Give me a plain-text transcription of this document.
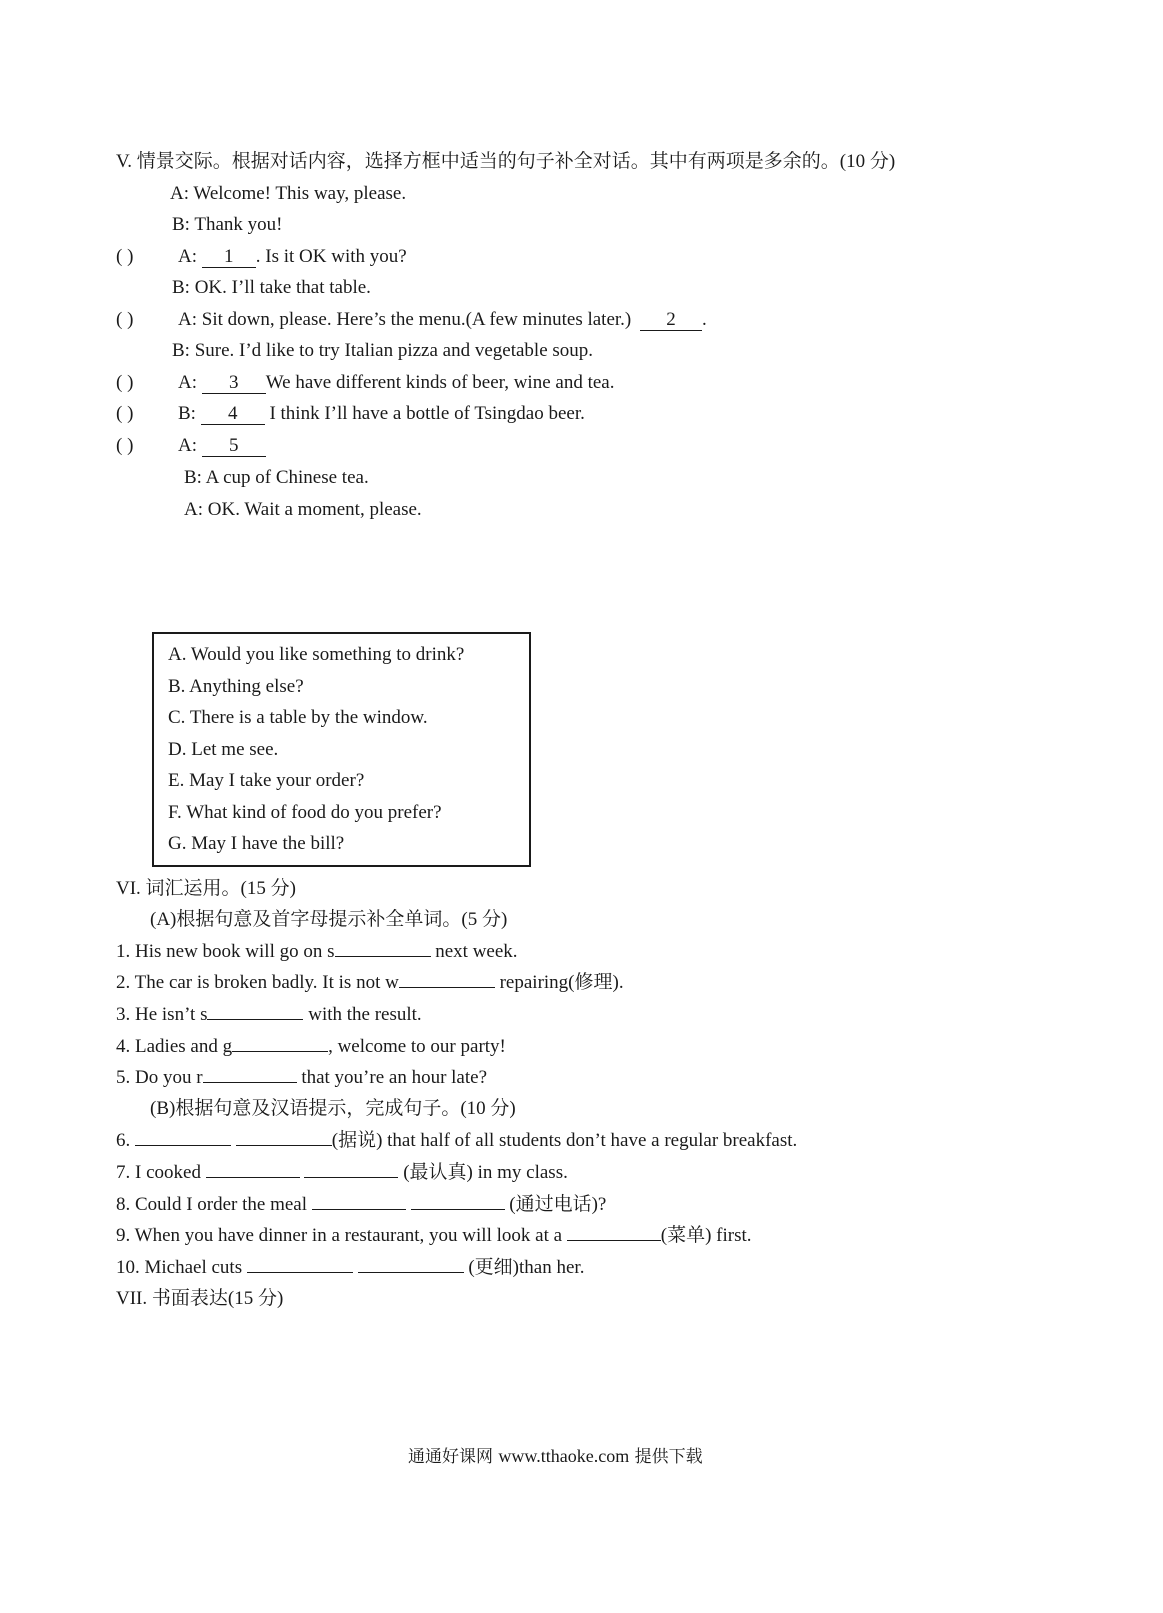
V. 情景交际。根据对话内容，选择方框中适当的句子补全对话。其中有两项是多余的。(10 分)
A: Welcome! This way, please.
B: Thank you!
( ) A: 1 . Is it OK with you?
B: OK. I’ll take that table.
( ) A: Sit down, please. Here’s the menu.(A few minutes later.) 2 .
B: Sure. I’d like to try Italian pizza and vegetable soup.
( ) A: 3 We have different kinds of beer, wine and tea.
( ) B: 4 I think I’ll have a bottle of Tsingdao beer.
( ) A: 5
B: A cup of Chinese tea.
A: OK. Wait a moment, please.
A. Would you like something to drink?
B. Anything else?
C. There is a table by the window.
D. Let me see.
E. May I take your order?
F. What kind of food do you prefer?
G. May I have the bill?
VI. 词汇运用。(15 分)
(A)根据句意及首字母提示补全单词。(5 分)
1. His new book will go on s	next week.
2. The car is broken badly. It is not w	repairing(修理).
3. He isn’t s	with the result.
4. Ladies and g	, welcome to our party!
5. Do you r	that you’re an hour late?
(B)根据句意及汉语提示，完成句子。(10 分)
6.	(据说) that half of all students don’t have a regular breakfast.
7. I cooked	(最认真) in my class.
8. Could I order the meal	(通过电话)?
9. When you have dinner in a restaurant, you will look at a	(菜单) first.
10. Michael cuts	(更细)than her.
VII. 书面表达(15 分)
通通好课网 www.tthaoke.com 提供下载
